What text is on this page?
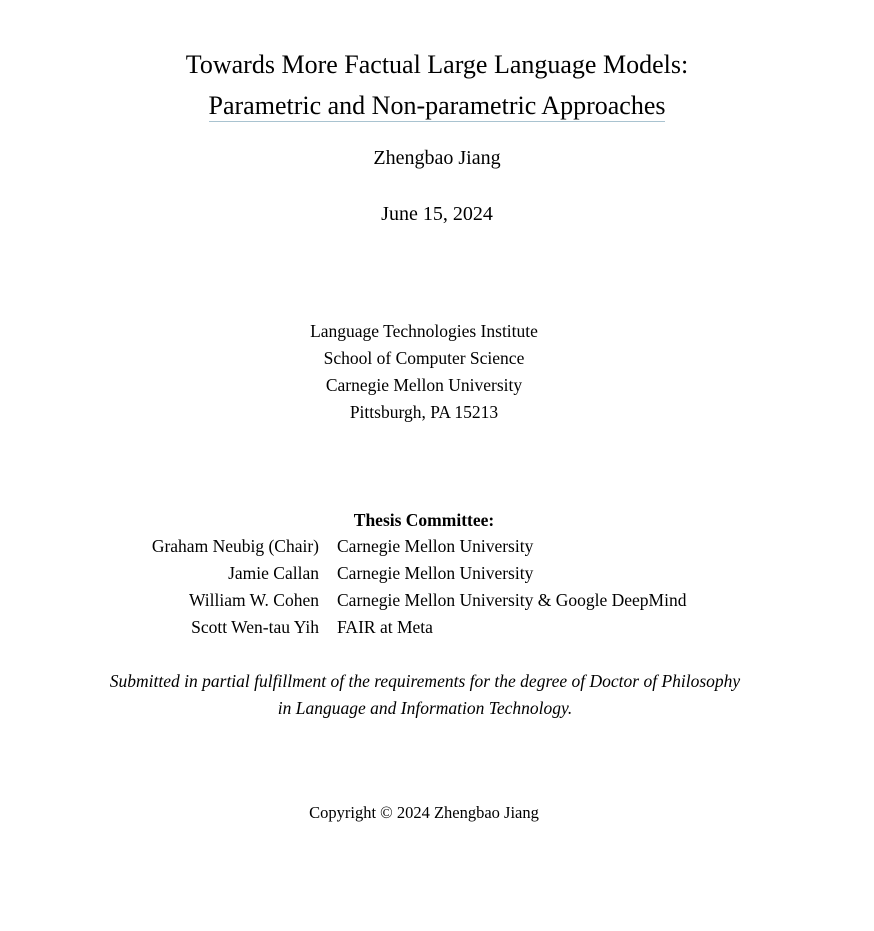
Towards More Factual Large Language Models:
Parametric and Non-parametric Approaches
Zhengbao Jiang
June 15, 2024
Language Technologies Institute
School of Computer Science
Carnegie Mellon University
Pittsburgh, PA 15213
Thesis Committee:
Graham Neubig (Chair) Carnegie Mellon University
Jamie Callan Carnegie Mellon University
William W. Cohen Carnegie Mellon University & Google DeepMind
Scott Wen-tau Yih FAIR at Meta
Submitted in partial fulfillment of the requirements for the degree of Doctor of Philosophy
in Language and Information Technology.
Copyright © 2024 Zhengbao Jiang
